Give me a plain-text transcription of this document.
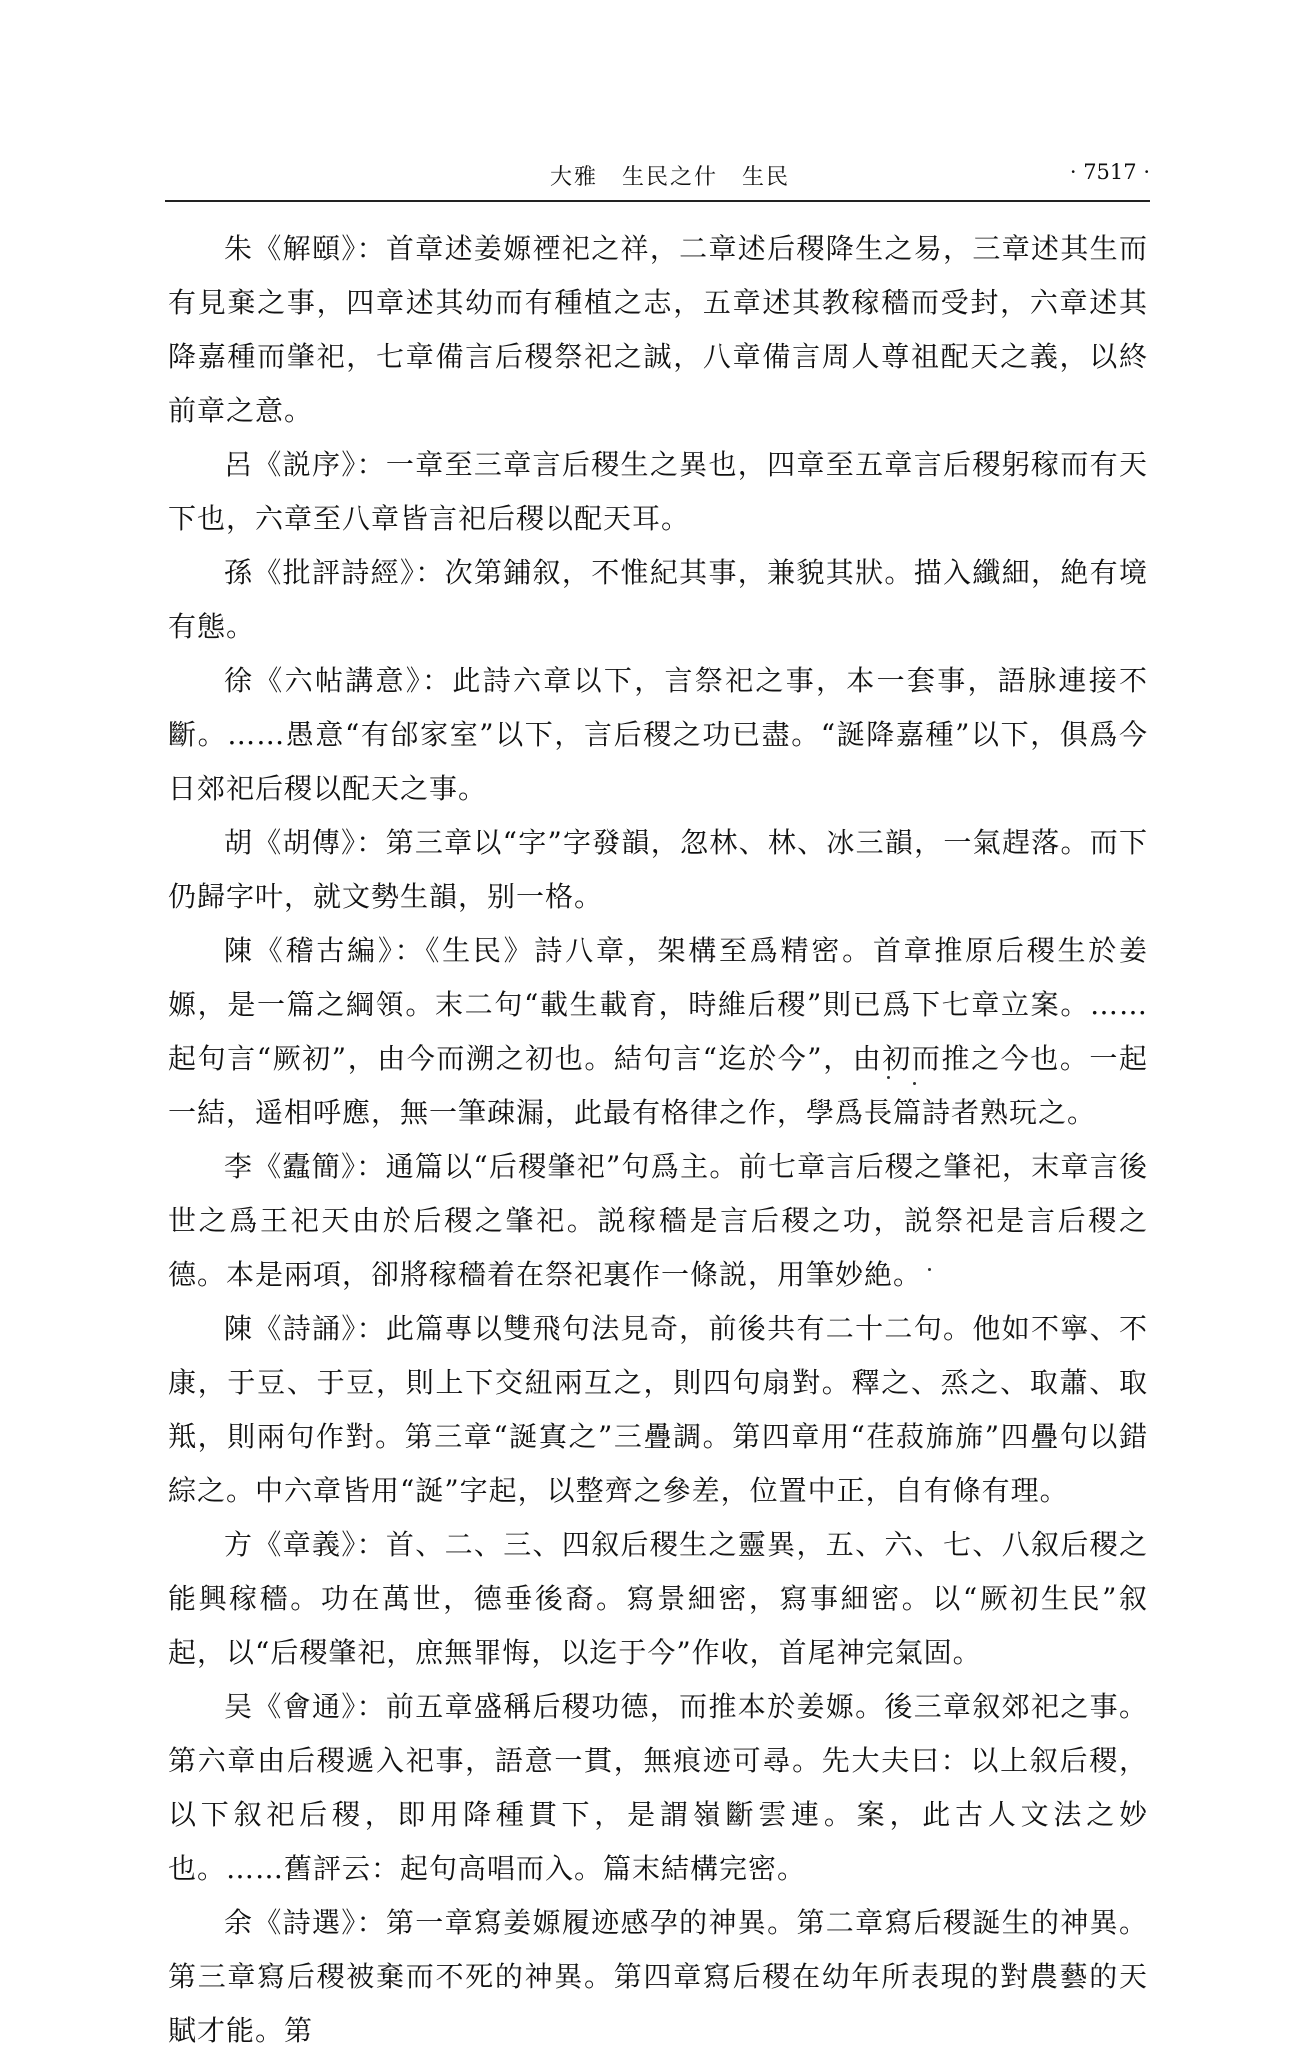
大雅　生民之什　生民	· 7517 ·

朱《解頤》：首章述姜嫄禋祀之祥，二章述后稷降生之易，三章述其生而有見棄之事，四章述其幼而有種植之志，五章述其教稼穡而受封，六章述其降嘉種而肇祀，七章備言后稷祭祀之誠，八章備言周人尊祖配天之義，以終前章之意。

呂《説序》：一章至三章言后稷生之異也，四章至五章言后稷躬稼而有天下也，六章至八章皆言祀后稷以配天耳。

孫《批評詩經》：次第鋪叙，不惟紀其事，兼貌其狀。描入纖細，絶有境有態。

徐《六帖講意》：此詩六章以下，言祭祀之事，本一套事，語脉連接不斷。……愚意“有邰家室”以下，言后稷之功已盡。“誕降嘉種”以下，俱爲今日郊祀后稷以配天之事。

胡《胡傳》：第三章以“字”字發韻，忽林、林、冰三韻，一氣趕落。而下仍歸字叶，就文勢生韻，别一格。

陳《稽古編》：《生民》詩八章，架構至爲精密。首章推原后稷生於姜嫄，是一篇之綱領。末二句“載生載育，時維后稷”則已爲下七章立案。……起句言“厥初”，由今而溯之初也。結句言“迄於今”，由初而推之今也。一起一結，遥相呼應，無一筆疎漏，此最有格律之作，學爲長篇詩者熟玩之。

李《蠹簡》：通篇以“后稷肇祀”句爲主。前七章言后稷之肇祀，末章言後世之爲王祀天由於后稷之肇祀。説稼穡是言后稷之功，説祭祀是言后稷之德。本是兩項，卻將稼穡着在祭祀裏作一條説，用筆妙絶。

陳《詩誦》：此篇專以雙飛句法見奇，前後共有二十二句。他如不寧、不康，于豆、于豆，則上下交紐兩互之，則四句扇對。釋之、烝之、取蕭、取羝，則兩句作對。第三章“誕寘之”三疊調。第四章用“荏菽旆旆”四疊句以錯綜之。中六章皆用“誕”字起，以整齊之參差，位置中正，自有條有理。

方《章義》：首、二、三、四叙后稷生之靈異，五、六、七、八叙后稷之能興稼穡。功在萬世，德垂後裔。寫景細密，寫事細密。以“厥初生民”叙起，以“后稷肇祀，庶無罪悔，以迄于今”作收，首尾神完氣固。

吴《會通》：前五章盛稱后稷功德，而推本於姜嫄。後三章叙郊祀之事。第六章由后稷遞入祀事，語意一貫，無痕迹可尋。先大夫曰：以上叙后稷，以下叙祀后稷，即用降種貫下，是謂嶺斷雲連。案，此古人文法之妙也。……舊評云：起句高唱而入。篇末結構完密。

余《詩選》：第一章寫姜嫄履迹感孕的神異。第二章寫后稷誕生的神異。第三章寫后稷被棄而不死的神異。第四章寫后稷在幼年所表現的對農藝的天賦才能。第
